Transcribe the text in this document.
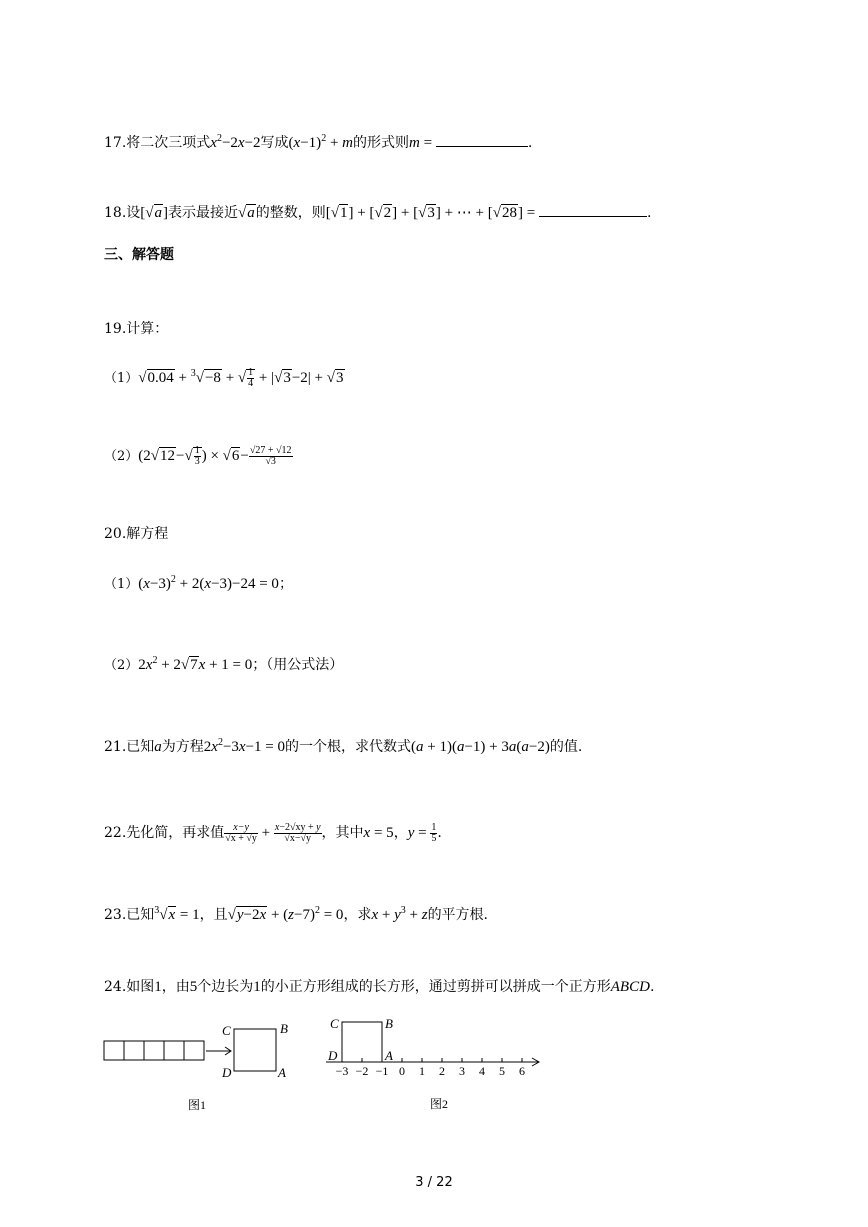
17.将二次三项式$x^2-2x-2$写成$(x-1)^2 + m$的形式则m =	.
18.设[√a]表示最接近√a的整数，则[√1] + [√2] + [√3] + ⋯ + [√28] =	.
三、解答题
19.计算：
（1）√0.04 + $^3$√−8 + √ $\frac{1}{4} + |√3-2| + √3$
$(2)(2√12-√ \frac{1}{3}$ ) × $√6- \frac{√27 + √12}{√3}$
20.解方程
$(1)(x-3)^2 + 2(x-3)-24 = 0$；
$(2)2x^2 + 2√7x + 1 = 0$；（用公式法）
21.已知a为方程$2x^2-3x-1 = 0$的一个根，求代数式(a + 1)(a−1) + 3a(a−2)的值.
22.先化简，再求值 $\frac{x-y}{√x + √y} + \frac{x-2√xy + y}{√x-√y}$ ，其中x = 5，$y = \frac{1}{5}$ .
23.已知$^3$√x = 1，且$√y-2x + (z-7)^2 = 0$，求$x + y^3 + z$的平方根.
24.如图1，由5个边长为1的小正方形组成的长方形，通过剪拼可以拼成一个正方形ABCD.
C	B
D	A
图1
C	B
D	A
−3 −2 −1 0 1 2 3 4 5 6
图2
3 / 22
